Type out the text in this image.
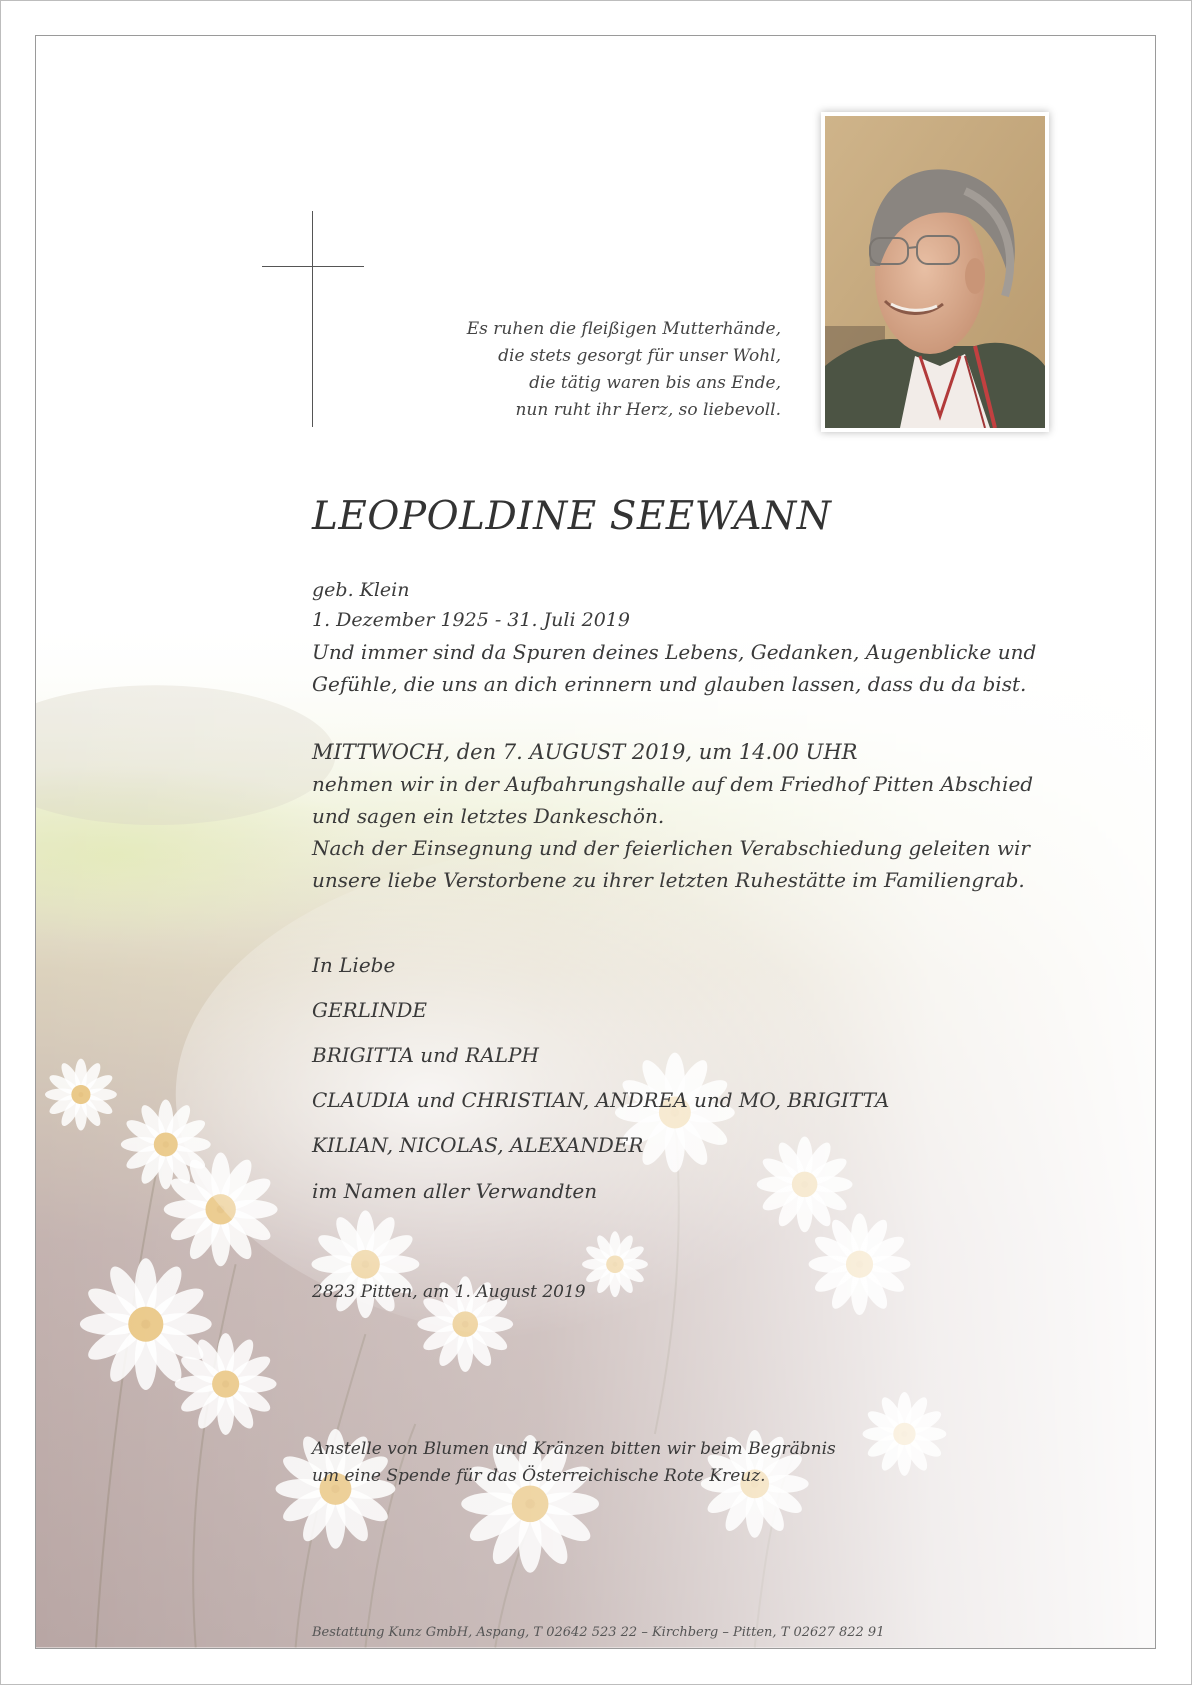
Es ruhen die fleißigen Mutterhände,
die stets gesorgt für unser Wohl,
die tätig waren bis ans Ende,
nun ruht ihr Herz, so liebevoll.
LEOPOLDINE SEEWANN
geb. Klein
1. Dezember 1925 - 31. Juli 2019
Und immer sind da Spuren deines Lebens, Gedanken, Augenblicke und
Gefühle, die uns an dich erinnern und glauben lassen, dass du da bist.
MITTWOCH, den 7. AUGUST 2019, um 14.00 UHR
nehmen wir in der Aufbahrungshalle auf dem Friedhof Pitten Abschied
und sagen ein letztes Dankeschön.
Nach der Einsegnung und der feierlichen Verabschiedung geleiten wir
unsere liebe Verstorbene zu ihrer letzten Ruhestätte im Familiengrab.
In Liebe
GERLINDE
BRIGITTA und RALPH
CLAUDIA und CHRISTIAN, ANDREA und MO, BRIGITTA
KILIAN, NICOLAS, ALEXANDER
im Namen aller Verwandten
2823 Pitten, am 1. August 2019
Anstelle von Blumen und Kränzen bitten wir beim Begräbnis
um eine Spende für das Österreichische Rote Kreuz.
Bestattung Kunz GmbH, Aspang, T 02642 523 22 – Kirchberg – Pitten, T 02627 822 91
